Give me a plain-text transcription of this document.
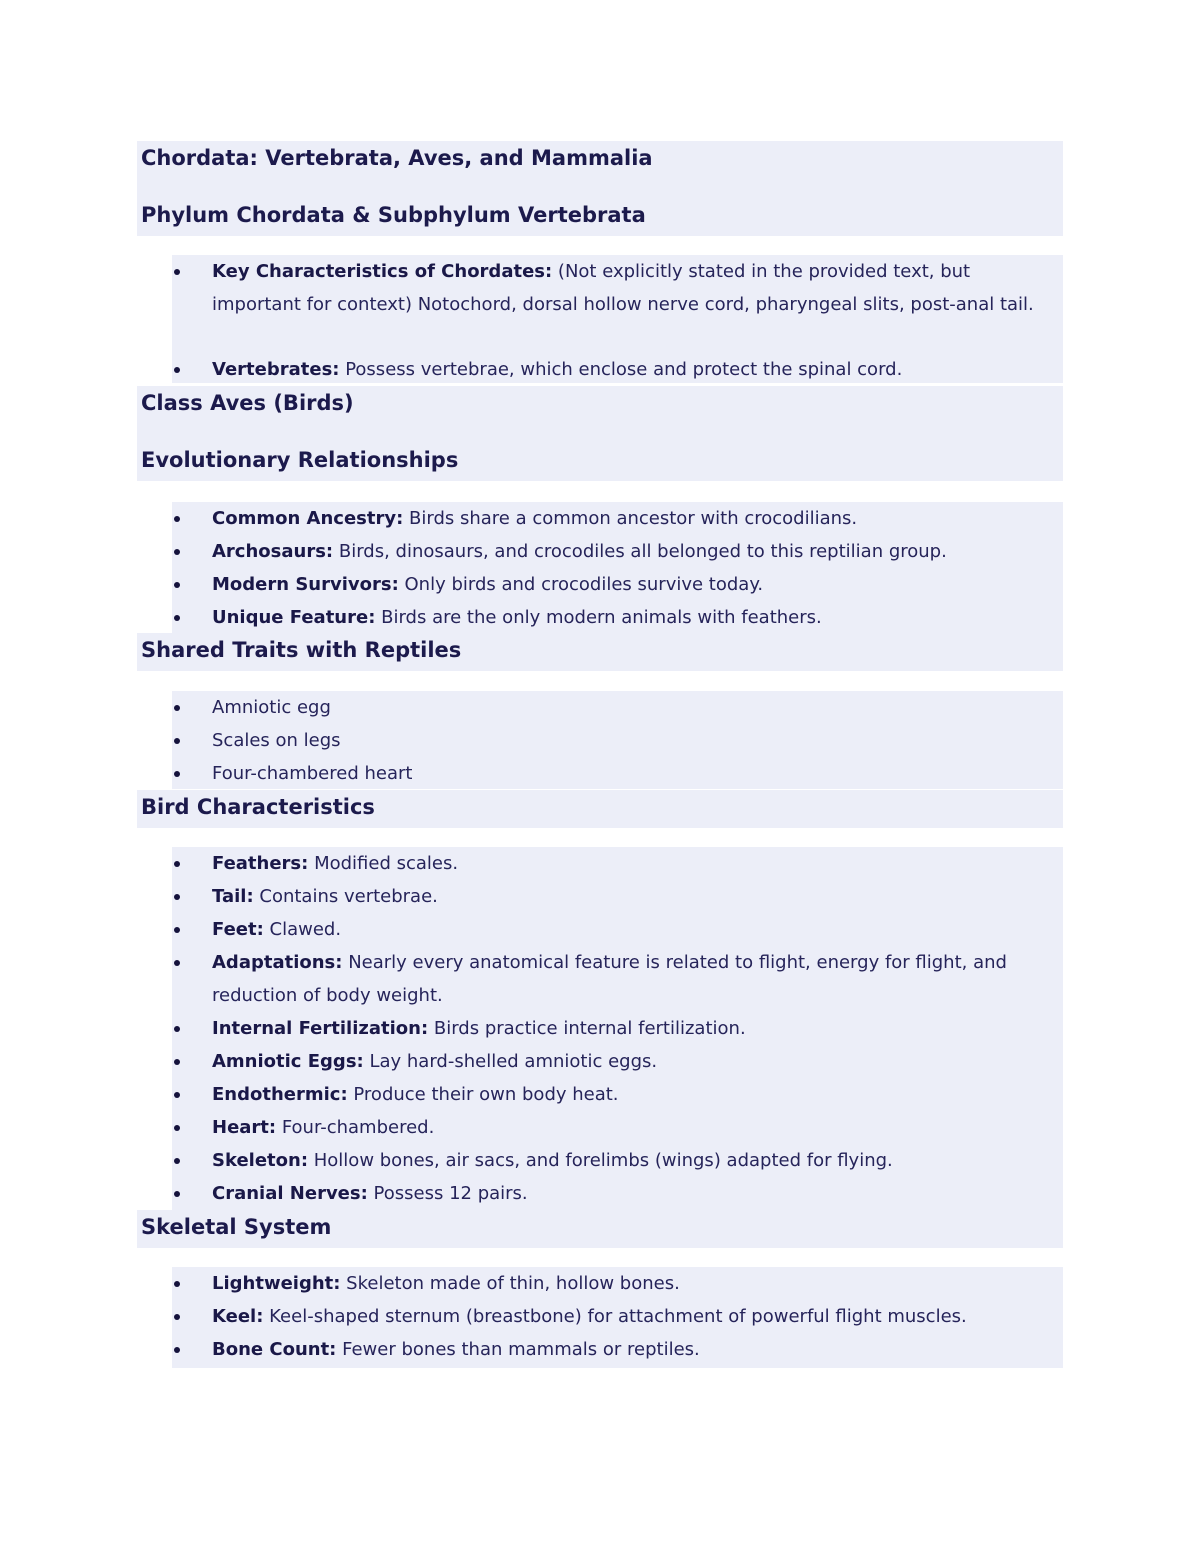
Chordata: Vertebrata, Aves, and Mammalia
Phylum Chordata & Subphylum Vertebrata
Key Characteristics of Chordates: (Not explicitly stated in the provided text, but important for context) Notochord, dorsal hollow nerve cord, pharyngeal slits, post-anal tail.
Vertebrates: Possess vertebrae, which enclose and protect the spinal cord.
Class Aves (Birds)
Evolutionary Relationships
Common Ancestry: Birds share a common ancestor with crocodilians.
Archosaurs: Birds, dinosaurs, and crocodiles all belonged to this reptilian group.
Modern Survivors: Only birds and crocodiles survive today.
Unique Feature: Birds are the only modern animals with feathers.
Shared Traits with Reptiles
Amniotic egg
Scales on legs
Four-chambered heart
Bird Characteristics
Feathers: Modified scales.
Tail: Contains vertebrae.
Feet: Clawed.
Adaptations: Nearly every anatomical feature is related to flight, energy for flight, and reduction of body weight.
Internal Fertilization: Birds practice internal fertilization.
Amniotic Eggs: Lay hard-shelled amniotic eggs.
Endothermic: Produce their own body heat.
Heart: Four-chambered.
Skeleton: Hollow bones, air sacs, and forelimbs (wings) adapted for flying.
Cranial Nerves: Possess 12 pairs.
Skeletal System
Lightweight: Skeleton made of thin, hollow bones.
Keel: Keel-shaped sternum (breastbone) for attachment of powerful flight muscles.
Bone Count: Fewer bones than mammals or reptiles.
